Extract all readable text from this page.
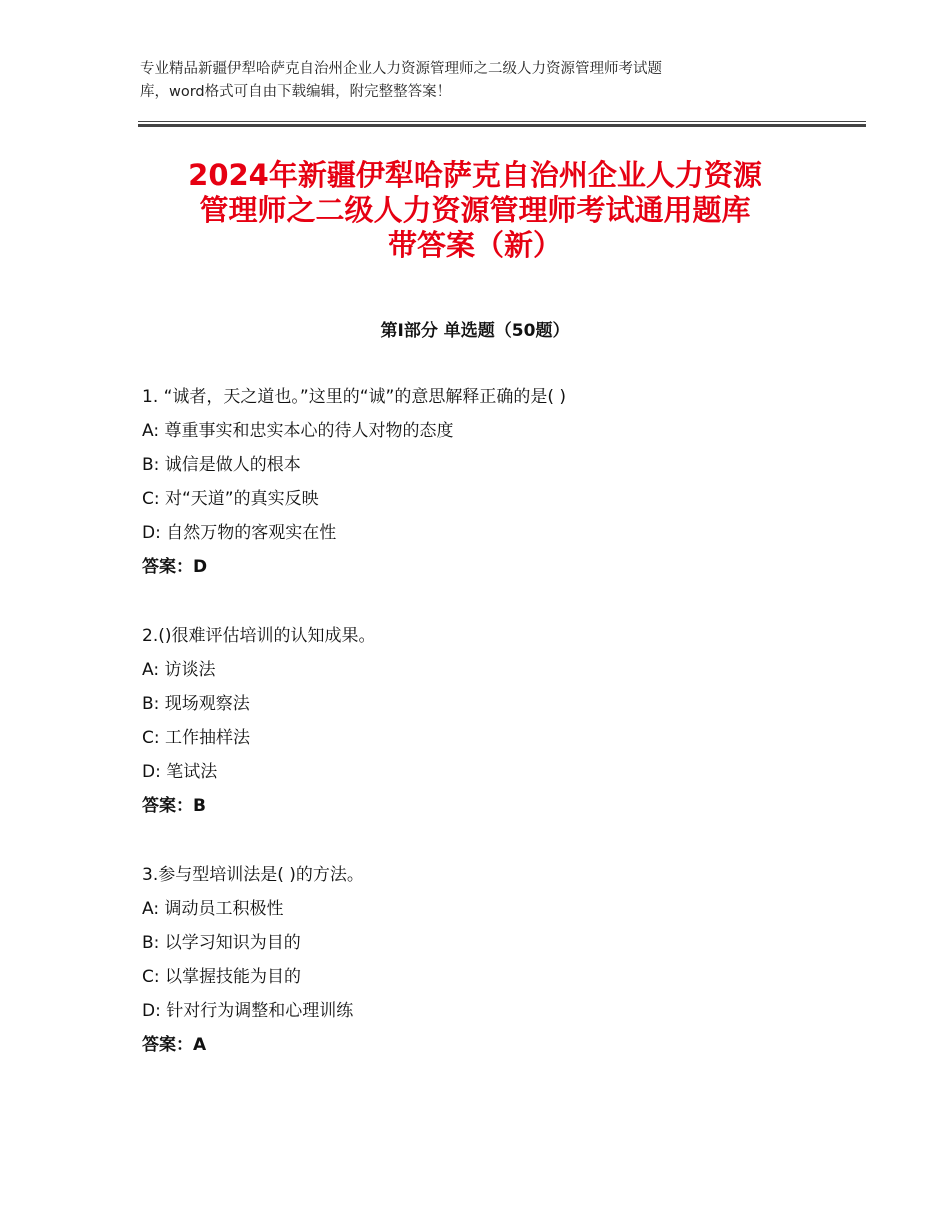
专业精品新疆伊犁哈萨克自治州企业人力资源管理师之二级人力资源管理师考试题
库，word格式可自由下载编辑，附完整整答案！
2024年新疆伊犁哈萨克自治州企业人力资源
管理师之二级人力资源管理师考试通用题库
带答案（新）
第Ⅰ部分 单选题（50题）
1. “诚者，天之道也。”这里的“诚”的意思解释正确的是( )
A: 尊重事实和忠实本心的待人对物的态度
B: 诚信是做人的根本
C: 对“天道”的真实反映
D: 自然万物的客观实在性
答案：D
2.()很难评估培训的认知成果。
A: 访谈法
B: 现场观察法
C: 工作抽样法
D: 笔试法
答案：B
3.参与型培训法是( )的方法。
A: 调动员工积极性
B: 以学习知识为目的
C: 以掌握技能为目的
D: 针对行为调整和心理训练
答案：A
